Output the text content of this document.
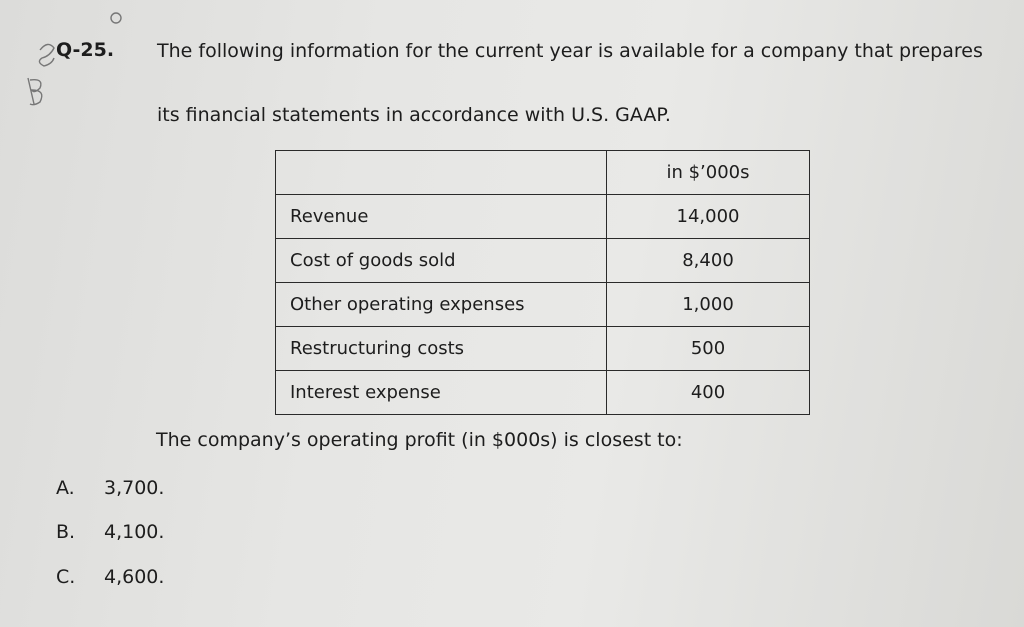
Q-25. The following information for the current year is available for a company that prepares
its financial statements in accordance with U.S. GAAP.
	in $’000s
Revenue	14,000
Cost of goods sold	8,400
Other operating expenses	1,000
Restructuring costs	500
Interest expense	400
The company’s operating profit (in $000s) is closest to:
A. 3,700.
B. 4,100.
C. 4,600.
